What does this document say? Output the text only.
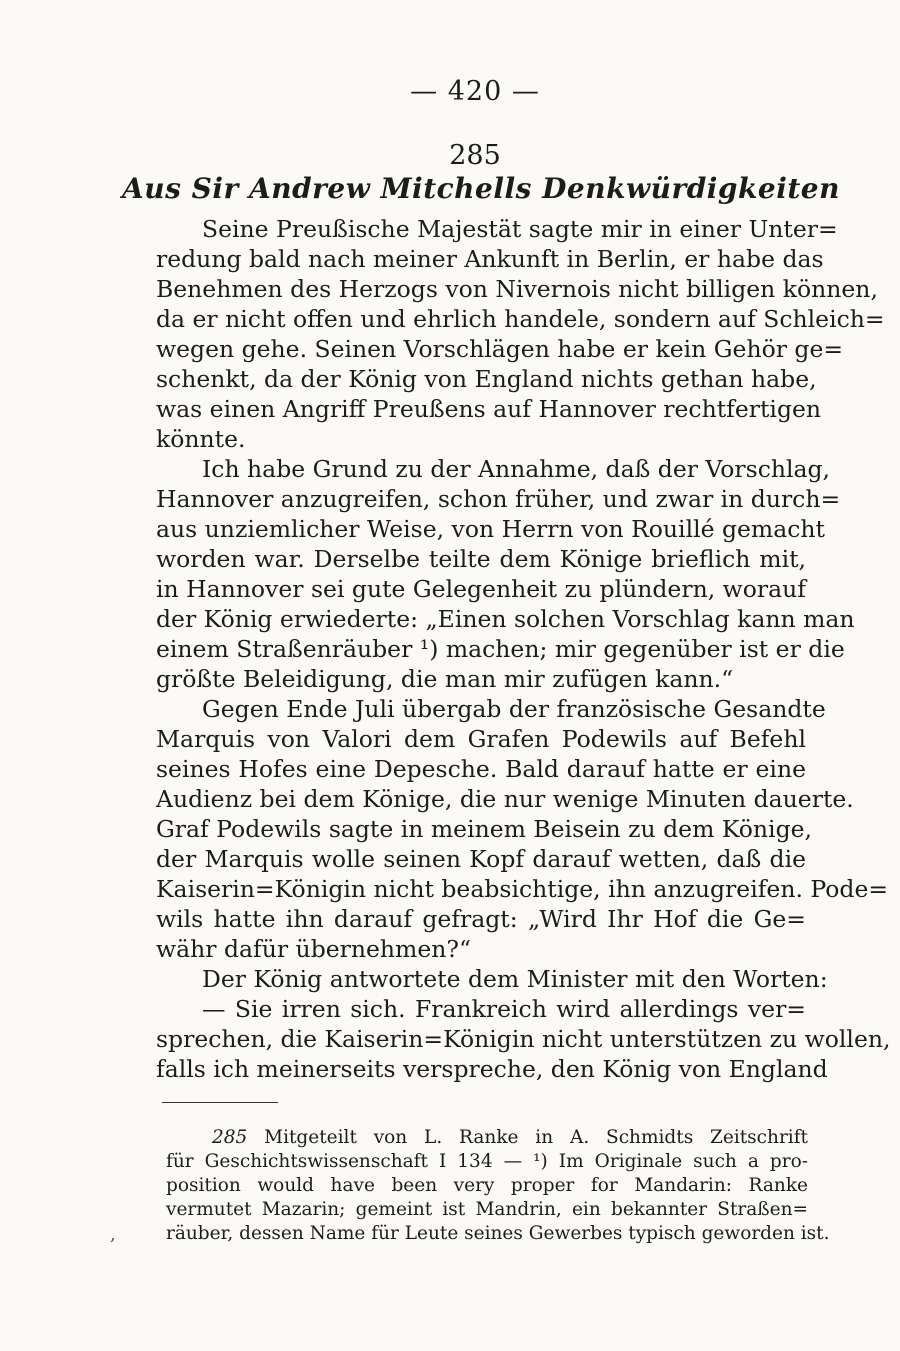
— 420 —
285
Aus Sir Andrew Mitchells Denkwürdigkeiten
Seine Preußische Majestät sagte mir in einer Unter=
redung bald nach meiner Ankunft in Berlin, er habe das
Benehmen des Herzogs von Nivernois nicht billigen können,
da er nicht offen und ehrlich handele, sondern auf Schleich=
wegen gehe. Seinen Vorschlägen habe er kein Gehör ge=
schenkt, da der König von England nichts gethan habe,
was einen Angriff Preußens auf Hannover rechtfertigen
könnte.
Ich habe Grund zu der Annahme, daß der Vorschlag,
Hannover anzugreifen, schon früher, und zwar in durch=
aus unziemlicher Weise, von Herrn von Rouillé gemacht
worden war. Derselbe teilte dem Könige brieflich mit,
in Hannover sei gute Gelegenheit zu plündern, worauf
der König erwiederte: „Einen solchen Vorschlag kann man
einem Straßenräuber ¹) machen; mir gegenüber ist er die
größte Beleidigung, die man mir zufügen kann.“
Gegen Ende Juli übergab der französische Gesandte
Marquis von Valori dem Grafen Podewils auf Befehl
seines Hofes eine Depesche. Bald darauf hatte er eine
Audienz bei dem Könige, die nur wenige Minuten dauerte.
Graf Podewils sagte in meinem Beisein zu dem Könige,
der Marquis wolle seinen Kopf darauf wetten, daß die
Kaiserin=Königin nicht beabsichtige, ihn anzugreifen. Pode=
wils hatte ihn darauf gefragt: „Wird Ihr Hof die Ge=
währ dafür übernehmen?“
Der König antwortete dem Minister mit den Worten:
— Sie irren sich. Frankreich wird allerdings ver=
sprechen, die Kaiserin=Königin nicht unterstützen zu wollen,
falls ich meinerseits verspreche, den König von England
285 Mitgeteilt von L. Ranke in A. Schmidts Zeitschrift
für Geschichtswissenschaft I 134 — ¹) Im Originale such a pro-
position would have been very proper for Mandarin: Ranke
vermutet Mazarin; gemeint ist Mandrin, ein bekannter Straßen=
räuber, dessen Name für Leute seines Gewerbes typisch geworden ist.
,
